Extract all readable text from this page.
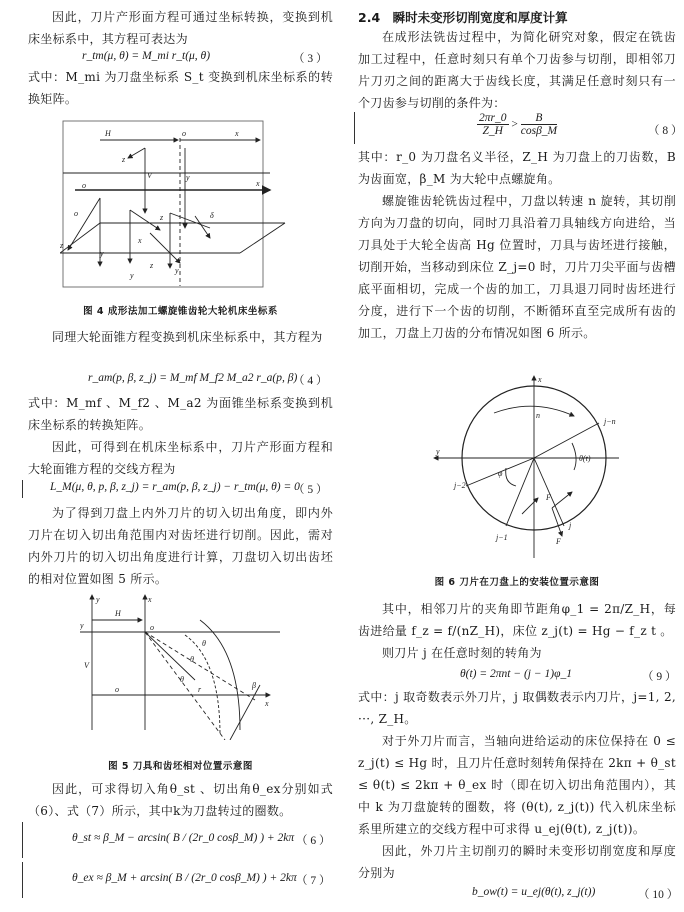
因此，刀片产形面方程可通过坐标转换，变换到机床坐标系中，其方程可表达为
r_tm(μ, θ) = M_mi r_t(μ, θ)	（ 3 ）
式中：M_mi 为刀盘坐标系 S_t 变换到机床坐标系的转换矩阵。
H	o	x
z
y
V
o	x
o	z	δ
z
y
x
z
y
y
图 4 成形法加工螺旋锥齿轮大轮机床坐标系
同理大轮面锥方程变换到机床坐标系中，其方程为
r_am(p, β, z_j) = M_mf M_f2 M_a2 r_a(p, β)
（ 4 ）
式中：M_mf 、M_f2 、M_a2 为面锥坐标系变换到机床坐标系的转换矩阵。
因此，可得到在机床坐标系中，刀片产形面方程和大轮面锥方程的交线方程为
L_M(μ, θ, p, β, z_j) = r_am(p, β, z_j) − r_tm(μ, θ) = 0
（ 5 ）
为了得到刀盘上内外刀片的切入切出角度，即内外刀片在切入切出角范围内对齿坯进行切削。因此，需对内外刀片的切入切出角度进行计算，刀盘切入切出齿坯的相对位置如图 5 所示。
y	x
H
y	o
θ
θ
θ
r	β
V
o
x
图 5 刀具和齿坯相对位置示意图
因此，可求得切入角θ_st 、切出角θ_ex分别如式（6）、式（7）所示，其中k为刀盘转过的圈数。
θ_st ≈ β_M − arcsin( B / (2r_0 cosβ_M) ) + 2kπ （ 6 ）
θ_ex ≈ β_M + arcsin( B / (2r_0 cosβ_M) ) + 2kπ （ 7 ）
2.4　瞬时未变形切削宽度和厚度计算
在成形法铣齿过程中，为简化研究对象，假定在铣齿加工过程中，任意时刻只有单个刀齿参与切削，即相邻刀片刀刃之间的距离大于齿线长度，其满足任意时刻只有一个刀齿参与切削的条件为：
$\frac{2\pi r\_0}{Z\_H} > \frac{B}{\cos\beta\_M}$	（ 8 ）
其中：r_0 为刀盘名义半径，Z_H 为刀盘上的刀齿数，B 为齿面宽，β_M 为大轮中点螺旋角。
螺旋锥齿轮铣齿过程中，刀盘以转速 n 旋转，其切削方向为刀盘的切向，同时刀具沿着刀具轴线方向进给，当刀具处于大轮全齿高 Hg 位置时，刀具与齿坯进行接触，切削开始，当移动到床位 Z_j=0 时，刀片刀尖平面与齿槽底平面相切，完成一个齿的加工，刀具退刀同时齿坯进行分度，进行下一个齿的切削，不断循环直至完成所有齿的加工，刀盘上刀齿的分布情况如图 6 所示。
x
y
n
j−n
θ(t)
φ
j−2
j−1
j
F
F
图 6 刀片在刀盘上的安装位置示意图
其中，相邻刀片的夹角即节距角φ_1 = 2π/Z_H，每齿进给量 f_z = f/(nZ_H)，床位 z_j(t) = Hg − f_z t 。
则刀片 j 在任意时刻的转角为
θ(t) = 2πnt − (j − 1)φ_1	（ 9 ）
式中：j 取奇数表示外刀片，j 取偶数表示内刀片，j=1, 2, ···, Z_H。
对于外刀片而言，当轴向进给运动的床位保持在 0 ≤ z_j(t) ≤ Hg 时，且刀片任意时刻转角保持在 2kπ + θ_st ≤ θ(t) ≤ 2kπ + θ_ex 时（即在切入切出角范围内），其中 k 为刀盘旋转的圈数，将 (θ(t), z_j(t)) 代入机床坐标系里所建立的交线方程中可求得 u_ej(θ(t), z_j(t))。
因此，外刀片主切削刃的瞬时未变形切削宽度和厚度分别为
b_ow(t) = u_ej(θ(t), z_j(t))	（ 10 ）
